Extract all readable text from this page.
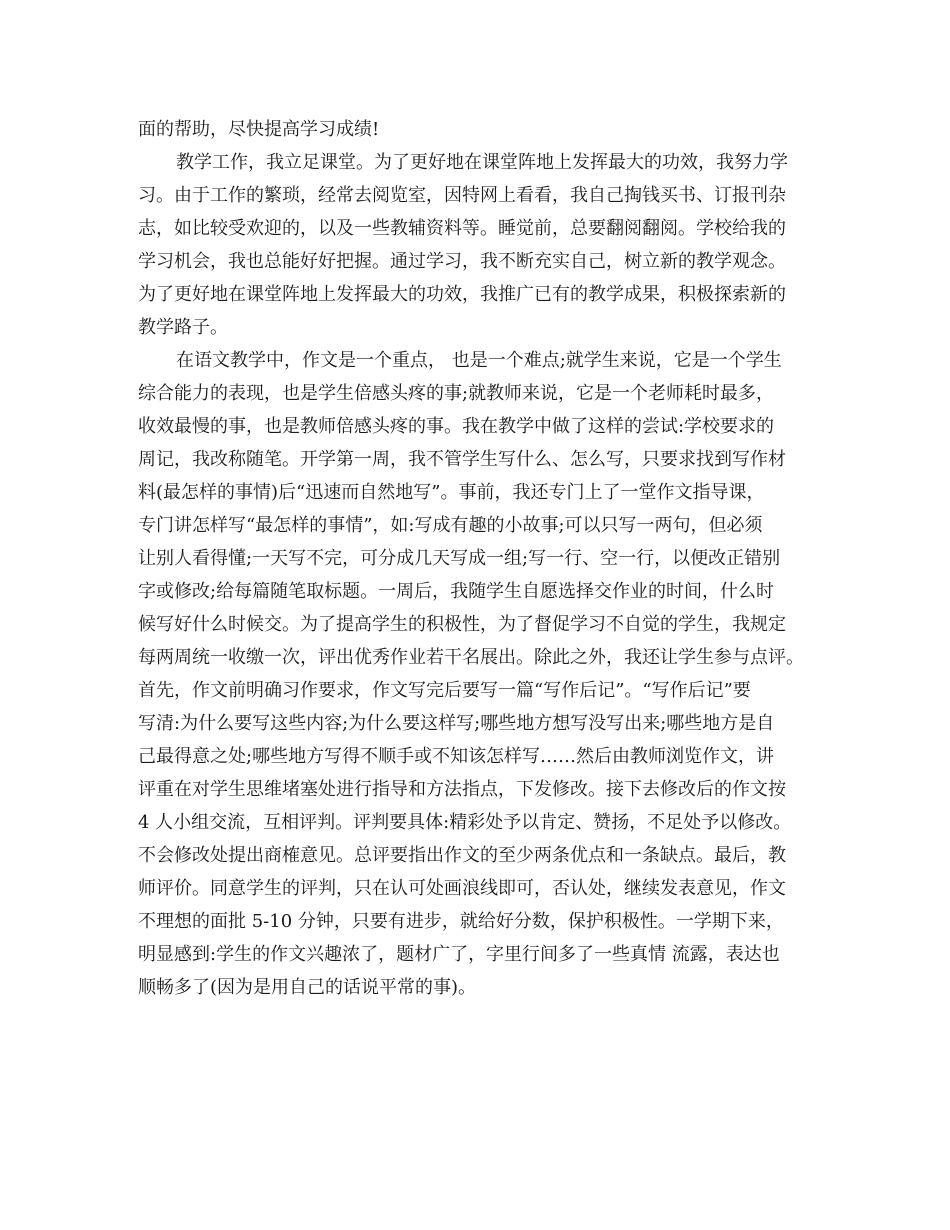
面的帮助，尽快提高学习成绩!
教学工作，我立足课堂。为了更好地在课堂阵地上发挥最大的功效，我努力学
习。由于工作的繁琐，经常去阅览室，因特网上看看，我自己掏钱买书、订报刊杂
志，如比较受欢迎的，以及一些教辅资料等。睡觉前，总要翻阅翻阅。学校给我的
学习机会，我也总能好好把握。通过学习，我不断充实自己，树立新的教学观念。
为了更好地在课堂阵地上发挥最大的功效，我推广已有的教学成果，积极探索新的
教学路子。
在语文教学中，作文是一个重点， 也是一个难点;就学生来说，它是一个学生
综合能力的表现，也是学生倍感头疼的事;就教师来说，它是一个老师耗时最多，
收效最慢的事，也是教师倍感头疼的事。我在教学中做了这样的尝试:学校要求的
周记，我改称随笔。开学第一周，我不管学生写什么、怎么写，只要求找到写作材
料(最怎样的事情)后“迅速而自然地写”。事前，我还专门上了一堂作文指导课，
专门讲怎样写“最怎样的事情”，如:写成有趣的小故事;可以只写一两句，但必须
让别人看得懂;一天写不完，可分成几天写成一组;写一行、空一行，以便改正错别
字或修改;给每篇随笔取标题。一周后，我随学生自愿选择交作业的时间，什么时
候写好什么时候交。为了提高学生的积极性，为了督促学习不自觉的学生，我规定
每两周统一收缴一次，评出优秀作业若干名展出。除此之外，我还让学生参与点评。
首先，作文前明确习作要求，作文写完后要写一篇“写作后记”。“写作后记”要
写清:为什么要写这些内容;为什么要这样写;哪些地方想写没写出来;哪些地方是自
己最得意之处;哪些地方写得不顺手或不知该怎样写……然后由教师浏览作文，讲
评重在对学生思维堵塞处进行指导和方法指点，下发修改。接下去修改后的作文按
4 人小组交流，互相评判。评判要具体:精彩处予以肯定、赞扬，不足处予以修改。
不会修改处提出商榷意见。总评要指出作文的至少两条优点和一条缺点。最后，教
师评价。同意学生的评判，只在认可处画浪线即可，否认处，继续发表意见，作文
不理想的面批 5-10 分钟，只要有进步，就给好分数，保护积极性。一学期下来，
明显感到:学生的作文兴趣浓了，题材广了，字里行间多了一些真情 流露，表达也
顺畅多了(因为是用自己的话说平常的事)。
